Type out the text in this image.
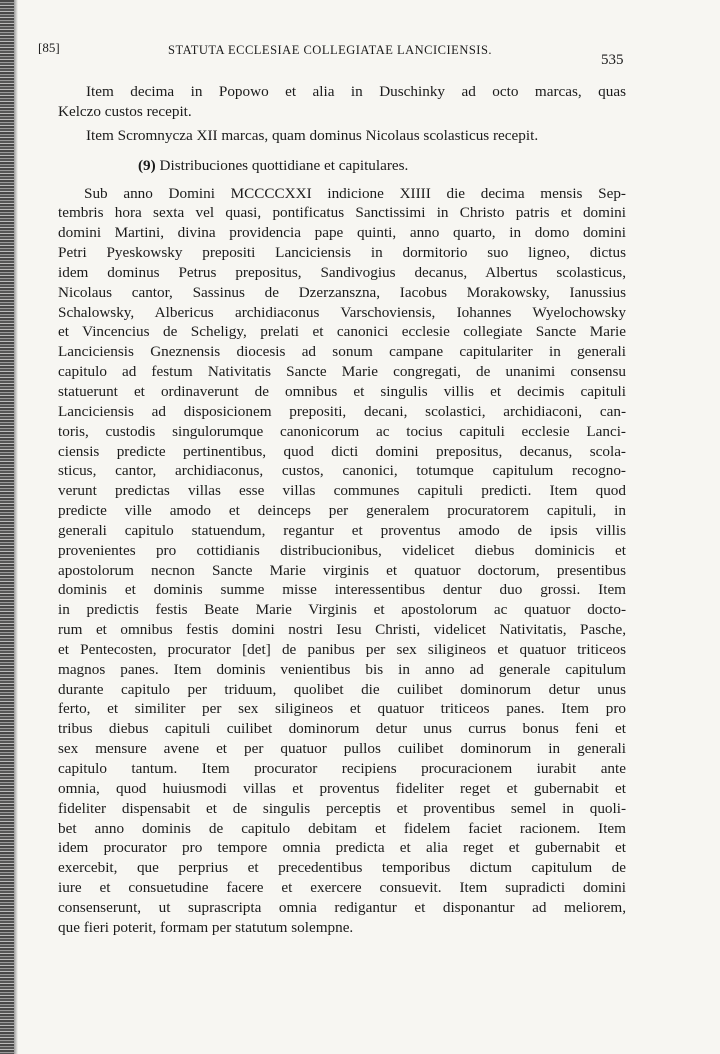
[85]	STATUTA ECCLESIAE COLLEGIATAE LANCICIENSIS.
535
Item decima in Popowo et alia in Duschinky ad octo marcas, quas
Kelczo custos recepit.
Item Scromnycza XII marcas, quam dominus Nicolaus scolasticus recepit.
(9) Distribuciones quottidiane et capitulares.
Sub anno Domini MCCCCXXI indicione XIIII die decima mensis Sep-
tembris hora sexta vel quasi, pontificatus Sanctissimi in Christo patris et domini
domini Martini, divina providencia pape quinti, anno quarto, in domo domini
Petri Pyeskowsky prepositi Lanciciensis in dormitorio suo ligneo, dictus
idem dominus Petrus prepositus, Sandivogius decanus, Albertus scolasticus,
Nicolaus cantor, Sassinus de Dzerzanszna, Iacobus Morakowsky, Ianussius
Schalowsky, Albericus archidiaconus Varschoviensis, Iohannes Wyelochowsky
et Vincencius de Scheligy, prelati et canonici ecclesie collegiate Sancte Marie
Lanciciensis Gneznensis diocesis ad sonum campane capitulariter in generali
capitulo ad festum Nativitatis Sancte Marie congregati, de unanimi consensu
statuerunt et ordinaverunt de omnibus et singulis villis et decimis capituli
Lanciciensis ad disposicionem prepositi, decani, scolastici, archidiaconi, can-
toris, custodis singulorumque canonicorum ac tocius capituli ecclesie Lanci-
ciensis predicte pertinentibus, quod dicti domini prepositus, decanus, scola-
sticus, cantor, archidiaconus, custos, canonici, totumque capitulum recogno-
verunt predictas villas esse villas communes capituli predicti. Item quod
predicte ville amodo et deinceps per generalem procuratorem capituli, in
generali capitulo statuendum, regantur et proventus amodo de ipsis villis
provenientes pro cottidianis distribucionibus, videlicet diebus dominicis et
apostolorum necnon Sancte Marie virginis et quatuor doctorum, presentibus
dominis et dominis summe misse interessentibus dentur duo grossi. Item
in predictis festis Beate Marie Virginis et apostolorum ac quatuor docto-
rum et omnibus festis domini nostri Iesu Christi, videlicet Nativitatis, Pasche,
et Pentecosten, procurator [det] de panibus per sex siligineos et quatuor triticeos
magnos panes. Item dominis venientibus bis in anno ad generale capitulum
durante capitulo per triduum, quolibet die cuilibet dominorum detur unus
ferto, et similiter per sex siligineos et quatuor triticeos panes. Item pro
tribus diebus capituli cuilibet dominorum detur unus currus bonus feni et
sex mensure avene et per quatuor pullos cuilibet dominorum in generali
capitulo tantum. Item procurator recipiens procuracionem iurabit ante
omnia, quod huiusmodi villas et proventus fideliter reget et gubernabit et
fideliter dispensabit et de singulis perceptis et proventibus semel in quoli-
bet anno dominis de capitulo debitam et fidelem faciet racionem. Item
idem procurator pro tempore omnia predicta et alia reget et gubernabit et
exercebit, que perprius et precedentibus temporibus dictum capitulum de
iure et consuetudine facere et exercere consuevit. Item supradicti domini
consenserunt, ut suprascripta omnia redigantur et disponantur ad meliorem,
que fieri poterit, formam per statutum solempne.
